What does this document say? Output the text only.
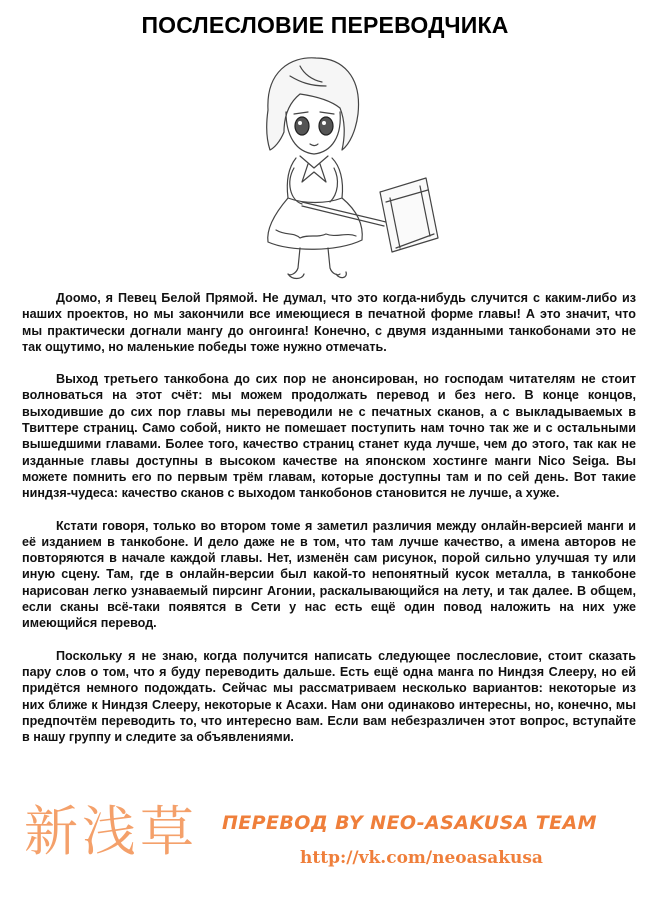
ПОСЛЕСЛОВИЕ ПЕРЕВОДЧИКА

Доомо, я Певец Белой Прямой. Не думал, что это когда-нибудь случится с каким-либо из наших проектов, но мы закончили все имеющиеся в печатной форме главы! А это значит, что мы практически догнали мангу до онгоинга! Конечно, с двумя изданными танкобонами это не так ощутимо, но маленькие победы тоже нужно отмечать.

Выход третьего танкобона до сих пор не анонсирован, но господам читателям не стоит волноваться на этот счёт: мы можем продолжать перевод и без него. В конце концов, выходившие до сих пор главы мы переводили не с печатных сканов, а с выкладываемых в Твиттере страниц. Само собой, никто не помешает поступить нам точно так же и с остальными вышедшими главами. Более того, качество страниц станет куда лучше, чем до этого, так как не изданные главы доступны в высоком качестве на японском хостинге манги Nico Seiga. Вы можете помнить его по первым трём главам, которые доступны там и по сей день. Вот такие ниндзя-чудеса: качество сканов с выходом танкобонов становится не лучше, а хуже.

Кстати говоря, только во втором томе я заметил различия между онлайн-версией манги и её изданием в танкобоне. И дело даже не в том, что там лучше качество, а имена авторов не повторяются в начале каждой главы. Нет, изменён сам рисунок, порой сильно улучшая ту или иную сцену. Там, где в онлайн-версии был какой-то непонятный кусок металла, в танкобоне нарисован легко узнаваемый пирсинг Агонии, раскалывающийся на лету, и так далее. В общем, если сканы всё-таки появятся в Сети у нас есть ещё один повод наложить на них уже имеющийся перевод.

Поскольку я не знаю, когда получится написать следующее послесловие, стоит сказать пару слов о том, что я буду переводить дальше. Есть ещё одна манга по Ниндзя Слеерy, но ей придётся немного подождать. Сейчас мы рассматриваем несколько вариантов: некоторые из них ближе к Ниндзя Слеерy, некоторые к Асахи. Нам они одинаково интересны, но, конечно, мы предпочтём переводить то, что интересно вам. Если вам небезразличен этот вопрос, вступайте в нашу группу и следите за объявлениями.

新浅草 ПЕРЕВОД BY NEO-ASAKUSA TEAM
http://vk.com/neoasakusa
